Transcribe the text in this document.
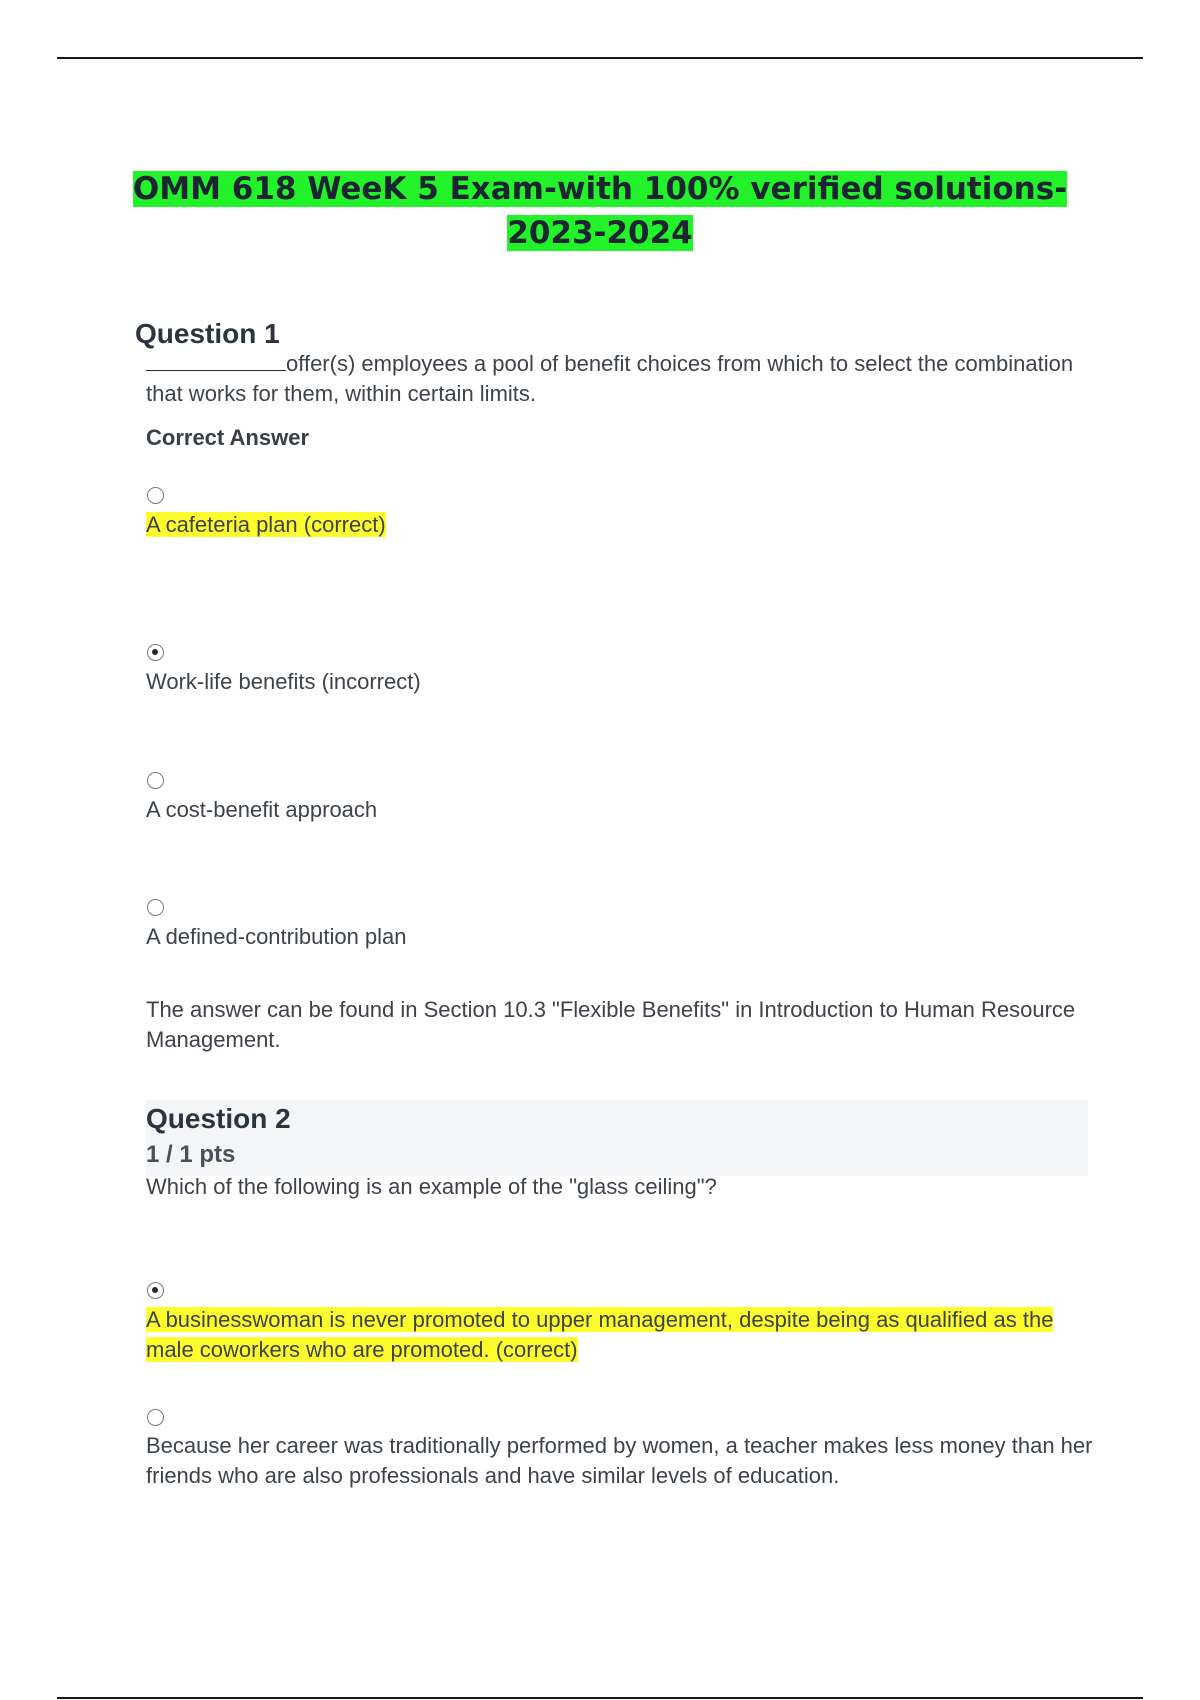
OMM 618 WeeK 5 Exam-with 100% verified solutions-2023-2024
Question 1
offer(s) employees a pool of benefit choices from which to select the combination that works for them, within certain limits.
Correct Answer
A cafeteria plan (correct)
Work-life benefits (incorrect)
A cost-benefit approach
A defined-contribution plan
The answer can be found in Section 10.3 "Flexible Benefits" in Introduction to Human Resource Management.
Question 2
1 / 1 pts
Which of the following is an example of the "glass ceiling"?
A businesswoman is never promoted to upper management, despite being as qualified as the male coworkers who are promoted. (correct)
Because her career was traditionally performed by women, a teacher makes less money than her friends who are also professionals and have similar levels of education.
